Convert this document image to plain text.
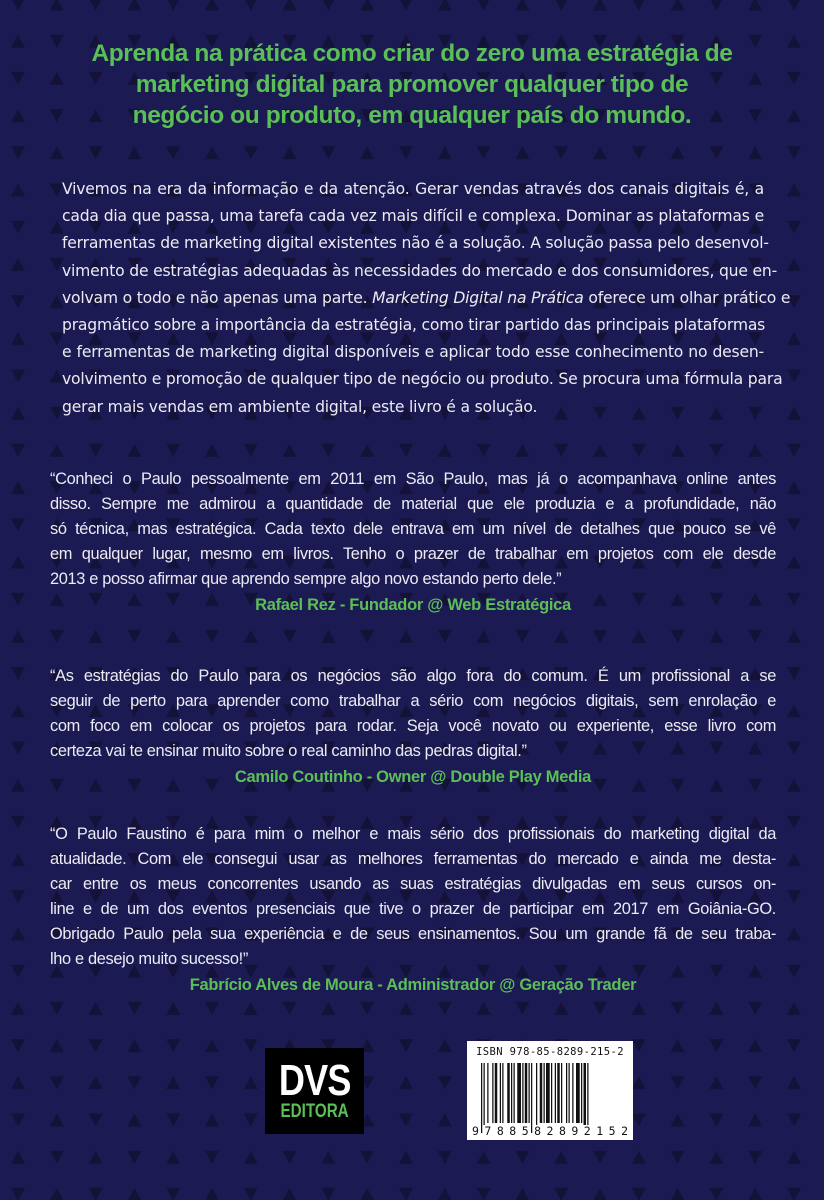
Aprenda na prática como criar do zero uma estratégia de
marketing digital para promover qualquer tipo de
negócio ou produto, em qualquer país do mundo.
Vivemos na era da informação e da atenção. Gerar vendas através dos canais digitais é, a
cada dia que passa, uma tarefa cada vez mais difícil e complexa. Dominar as plataformas e
ferramentas de marketing digital existentes não é a solução. A solução passa pelo desenvol-
vimento de estratégias adequadas às necessidades do mercado e dos consumidores, que en-
volvam o todo e não apenas uma parte. Marketing Digital na Prática oferece um olhar prático e
pragmático sobre a importância da estratégia, como tirar partido das principais plataformas
e ferramentas de marketing digital disponíveis e aplicar todo esse conhecimento no desen-
volvimento e promoção de qualquer tipo de negócio ou produto. Se procura uma fórmula para
gerar mais vendas em ambiente digital, este livro é a solução.
“Conheci o Paulo pessoalmente em 2011 em São Paulo, mas já o acompanhava online antes
disso. Sempre me admirou a quantidade de material que ele produzia e a profundidade, não
só técnica, mas estratégica. Cada texto dele entrava em um nível de detalhes que pouco se vê
em qualquer lugar, mesmo em livros. Tenho o prazer de trabalhar em projetos com ele desde
2013 e posso afirmar que aprendo sempre algo novo estando perto dele.”
Rafael Rez - Fundador @ Web Estratégica
“As estratégias do Paulo para os negócios são algo fora do comum. É um profissional a se
seguir de perto para aprender como trabalhar a sério com negócios digitais, sem enrolação e
com foco em colocar os projetos para rodar. Seja você novato ou experiente, esse livro com
certeza vai te ensinar muito sobre o real caminho das pedras digital.”
Camilo Coutinho - Owner @ Double Play Media
“O Paulo Faustino é para mim o melhor e mais sério dos profissionais do marketing digital da
atualidade. Com ele consegui usar as melhores ferramentas do mercado e ainda me desta-
car entre os meus concorrentes usando as suas estratégias divulgadas em seus cursos on-
line e de um dos eventos presenciais que tive o prazer de participar em 2017 em Goiânia-GO.
Obrigado Paulo pela sua experiência e de seus ensinamentos. Sou um grande fã de seu traba-
lho e desejo muito sucesso!”
Fabrício Alves de Moura - Administrador @ Geração Trader
DVS
EDITORA
ISBN 978-85-8289-215-2
9 7 8 8 5 8 2 8 9 2 1 5 2
